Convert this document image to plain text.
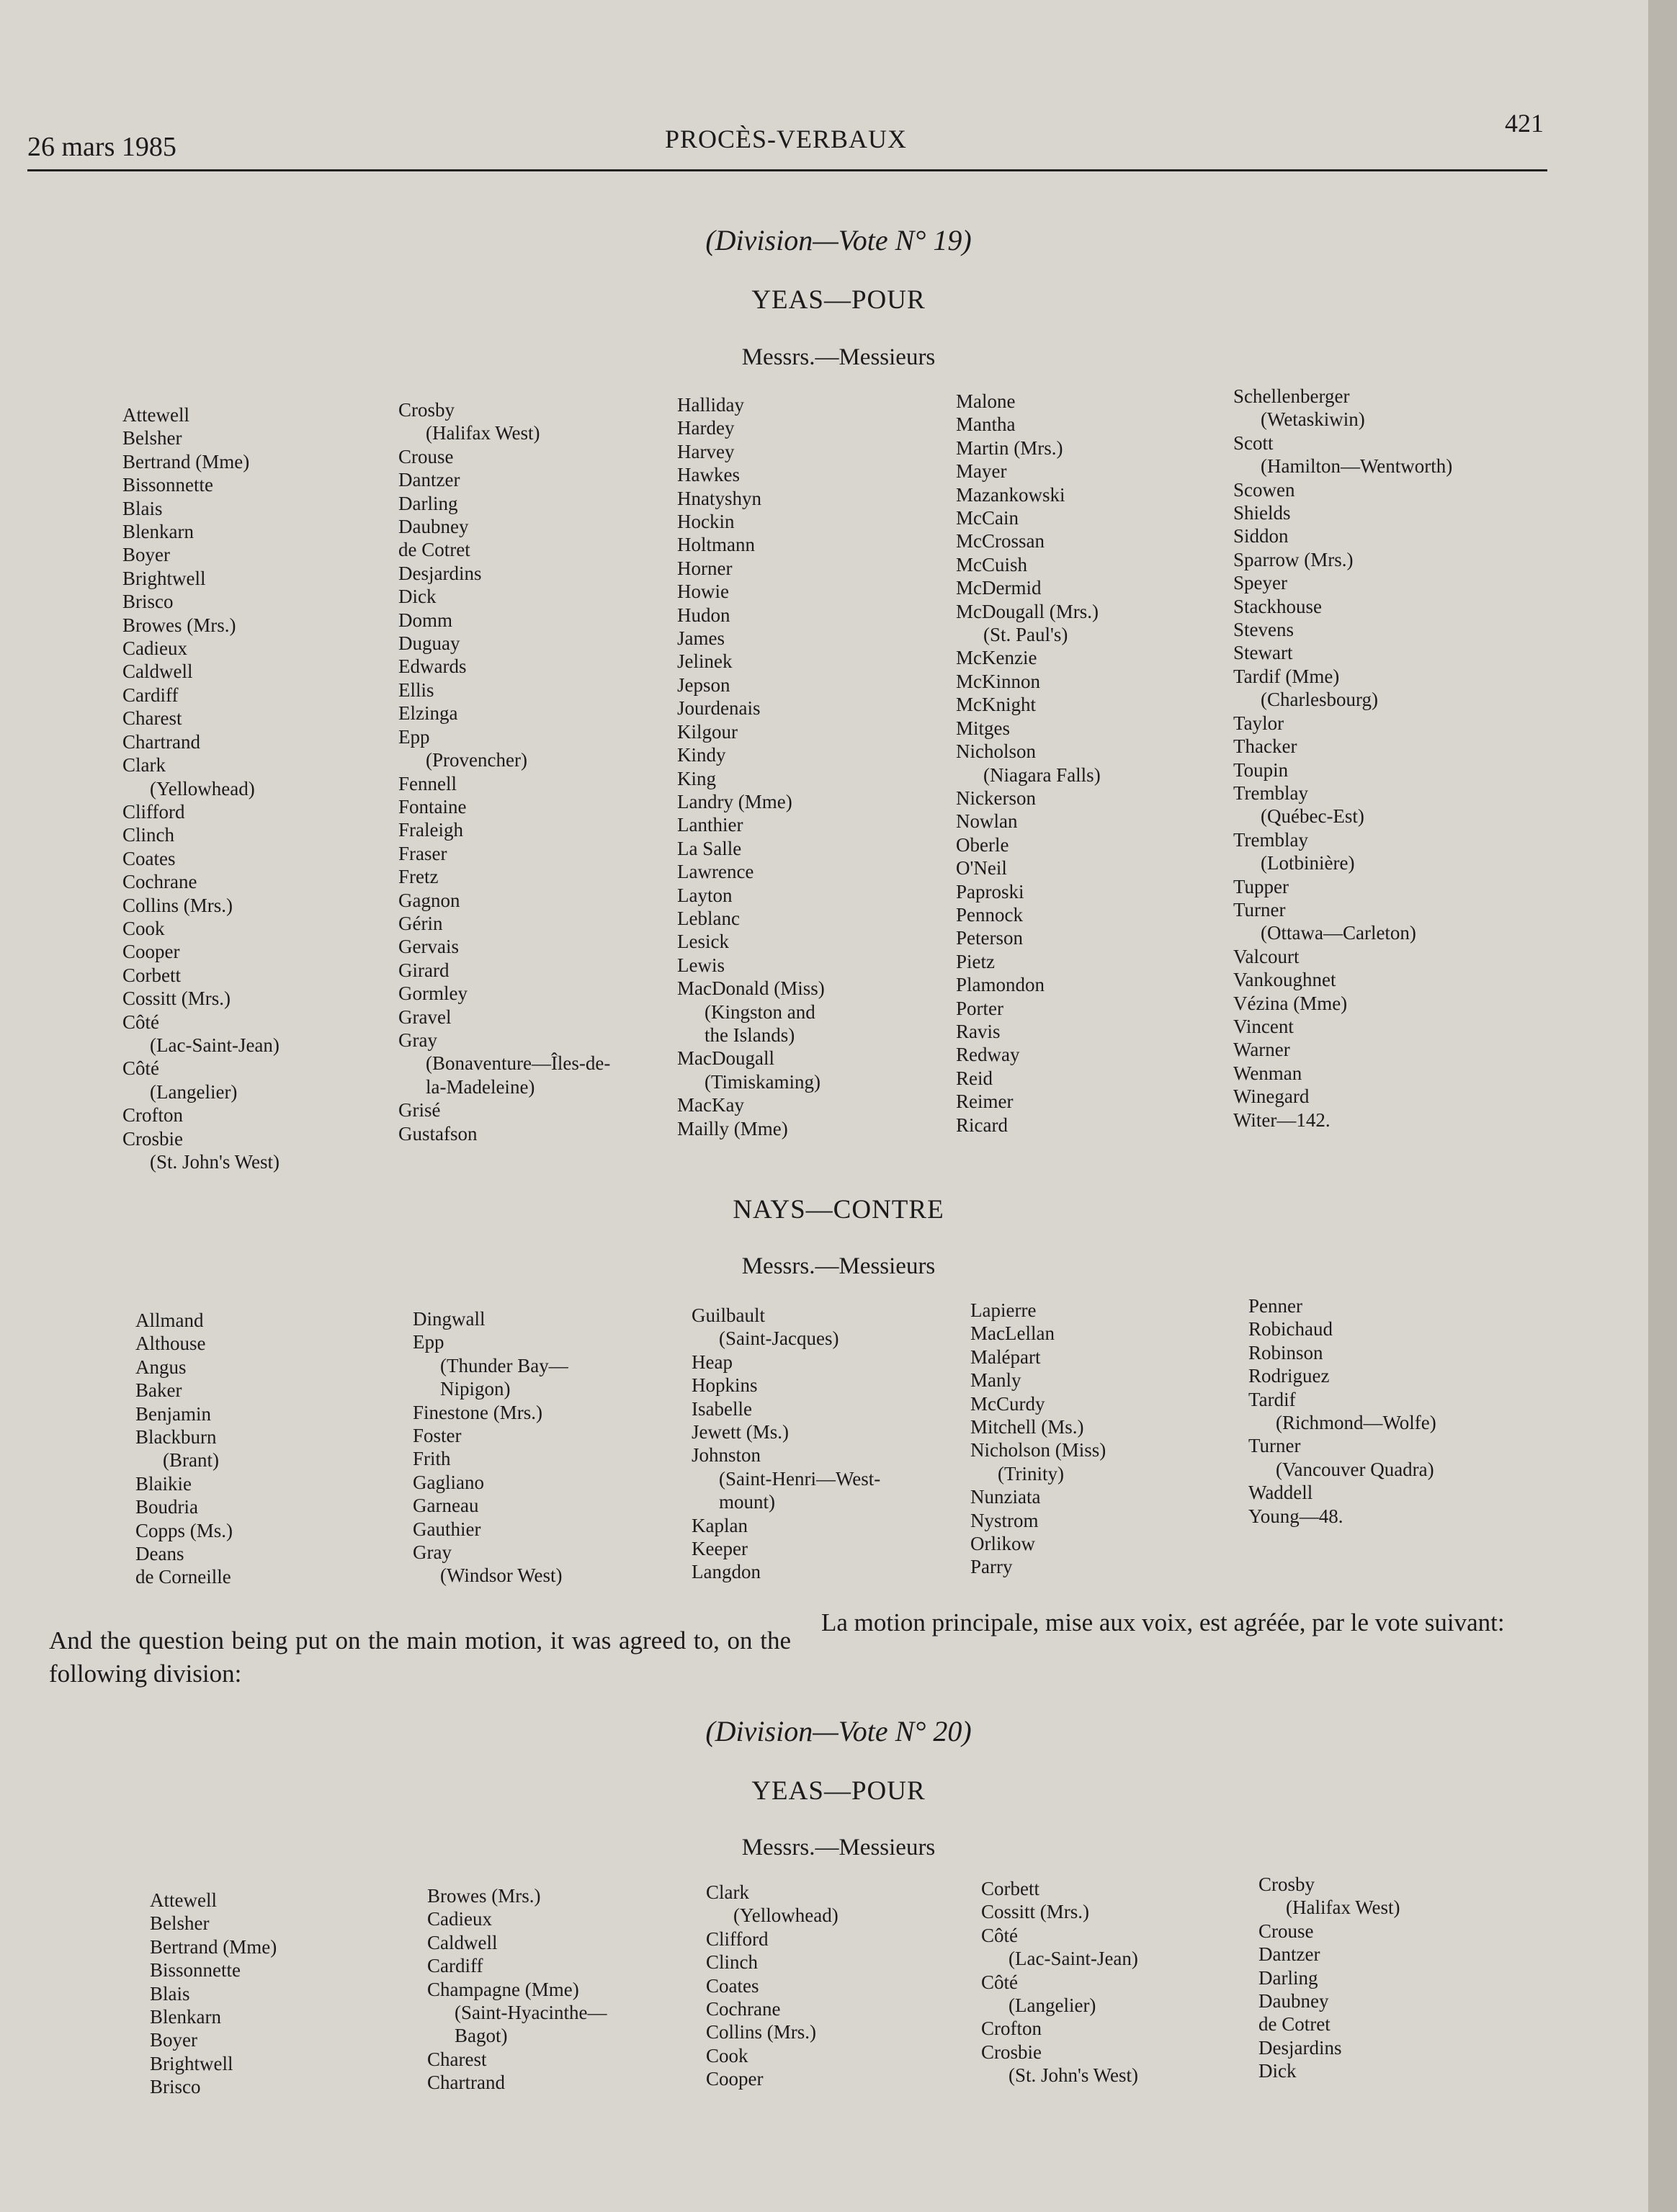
26 mars 1985	PROCÈS-VERBAUX
421
(Division—Vote N° 19)
YEAS—POUR
Messrs.—Messieurs
Attewell
Belsher
Bertrand (Mme)
Bissonnette
Blais
Blenkarn
Boyer
Brightwell
Brisco
Browes (Mrs.)
Cadieux
Caldwell
Cardiff
Charest
Chartrand
Clark
(Yellowhead)
Clifford
Clinch
Coates
Cochrane
Collins (Mrs.)
Cook
Cooper
Corbett
Cossitt (Mrs.)
Côté
(Lac-Saint-Jean)
Côté
(Langelier)
Crofton
Crosbie
(St. John's West)
Crosby
(Halifax West)
Crouse
Dantzer
Darling
Daubney
de Cotret
Desjardins
Dick
Domm
Duguay
Edwards
Ellis
Elzinga
Epp
(Provencher)
Fennell
Fontaine
Fraleigh
Fraser
Fretz
Gagnon
Gérin
Gervais
Girard
Gormley
Gravel
Gray
(Bonaventure—Îles-de-
la-Madeleine)
Grisé
Gustafson
Halliday
Hardey
Harvey
Hawkes
Hnatyshyn
Hockin
Holtmann
Horner
Howie
Hudon
James
Jelinek
Jepson
Jourdenais
Kilgour
Kindy
King
Landry (Mme)
Lanthier
La Salle
Lawrence
Layton
Leblanc
Lesick
Lewis
MacDonald (Miss)
(Kingston and
the Islands)
MacDougall
(Timiskaming)
MacKay
Mailly (Mme)
Malone
Mantha
Martin (Mrs.)
Mayer
Mazankowski
McCain
McCrossan
McCuish
McDermid
McDougall (Mrs.)
(St. Paul's)
McKenzie
McKinnon
McKnight
Mitges
Nicholson
(Niagara Falls)
Nickerson
Nowlan
Oberle
O'Neil
Paproski
Pennock
Peterson
Pietz
Plamondon
Porter
Ravis
Redway
Reid
Reimer
Ricard
Schellenberger
(Wetaskiwin)
Scott
(Hamilton—Wentworth)
Scowen
Shields
Siddon
Sparrow (Mrs.)
Speyer
Stackhouse
Stevens
Stewart
Tardif (Mme)
(Charlesbourg)
Taylor
Thacker
Toupin
Tremblay
(Québec-Est)
Tremblay
(Lotbinière)
Tupper
Turner
(Ottawa—Carleton)
Valcourt
Vankoughnet
Vézina (Mme)
Vincent
Warner
Wenman
Winegard
Witer—142.
NAYS—CONTRE
Messrs.—Messieurs
Allmand
Althouse
Angus
Baker
Benjamin
Blackburn
(Brant)
Blaikie
Boudria
Copps (Ms.)
Deans
de Corneille
Dingwall
Epp
(Thunder Bay—
Nipigon)
Finestone (Mrs.)
Foster
Frith
Gagliano
Garneau
Gauthier
Gray
(Windsor West)
Guilbault
(Saint-Jacques)
Heap
Hopkins
Isabelle
Jewett (Ms.)
Johnston
(Saint-Henri—West-
mount)
Kaplan
Keeper
Langdon
Lapierre
MacLellan
Malépart
Manly
McCurdy
Mitchell (Ms.)
Nicholson (Miss)
(Trinity)
Nunziata
Nystrom
Orlikow
Parry
Penner
Robichaud
Robinson
Rodriguez
Tardif
(Richmond—Wolfe)
Turner
(Vancouver Quadra)
Waddell
Young—48.
And the question being put on the main motion, it was agreed to, on the following division:
La motion principale, mise aux voix, est agréée, par le vote suivant:
(Division—Vote N° 20)
YEAS—POUR
Messrs.—Messieurs
Attewell
Belsher
Bertrand (Mme)
Bissonnette
Blais
Blenkarn
Boyer
Brightwell
Brisco
Browes (Mrs.)
Cadieux
Caldwell
Cardiff
Champagne (Mme)
(Saint-Hyacinthe—
Bagot)
Charest
Chartrand
Clark
(Yellowhead)
Clifford
Clinch
Coates
Cochrane
Collins (Mrs.)
Cook
Cooper
Corbett
Cossitt (Mrs.)
Côté
(Lac-Saint-Jean)
Côté
(Langelier)
Crofton
Crosbie
(St. John's West)
Crosby
(Halifax West)
Crouse
Dantzer
Darling
Daubney
de Cotret
Desjardins
Dick
